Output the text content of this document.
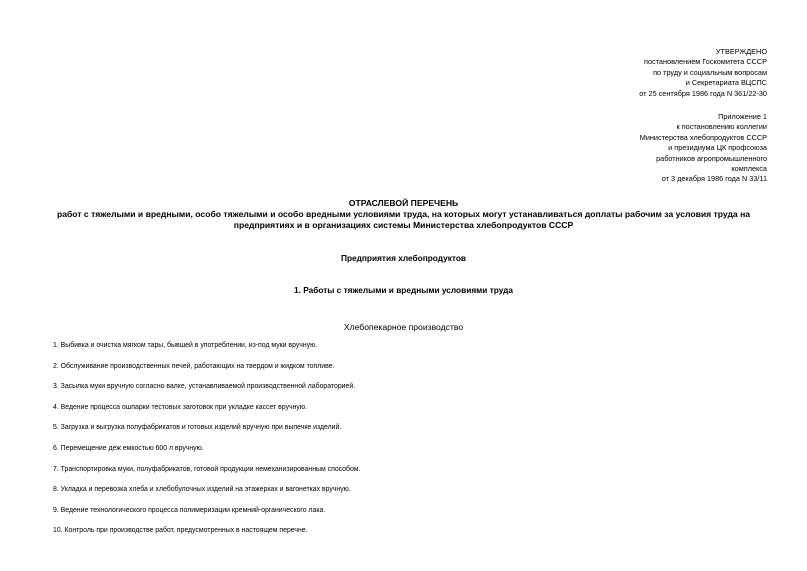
УТВЕРЖДЕНО
постановлением Госкомитета СССР
по труду и социальным вопросам
и Секретариата ВЦСПС
от 25 сентября 1986 года N 361/22-30
Приложение 1
к постановлению коллегии
Министерства хлебопродуктов СССР
и президиума ЦК профсоюза
работников агропромышленного
комплекса
от 3 декабря 1986 года N 33/11
ОТРАСЛЕВОЙ ПЕРЕЧЕНЬ
работ с тяжелыми и вредными, особо тяжелыми и особо вредными условиями труда, на которых могут устанавливаться доплаты рабочим за условия труда на предприятиях и в организациях системы Министерства хлебопродуктов СССР
Предприятия хлебопродуктов
1. Работы с тяжелыми и вредными условиями труда
Хлебопекарное производство
1. Выбивка и очистка мягком тары, бывшей в употреблении, из-под муки вручную.
2. Обслуживание производственных печей, работающих на твердом и жидком топливе.
3. Засылка муки вручную согласно валке, устанавливаемой производственной лабораторией.
4. Ведение процесса ошпарки тестовых заготовок при укладке кассет вручную.
5. Загрузка и выгрузка полуфабрикатов и готовых изделий вручную при выпечке изделий.
6. Перемещение деж емкостью 600 л вручную.
7. Транспортировка муки, полуфабрикатов, готовой продукции немеханизированным способом.
8. Укладка и перевозка хлеба и хлебобулочных изделий на этажерках и вагонетках вручную.
9. Ведение технологического процесса полимеризации кремний-органического лака.
10. Контроль при производстве работ, предусмотренных в настоящем перечне.
